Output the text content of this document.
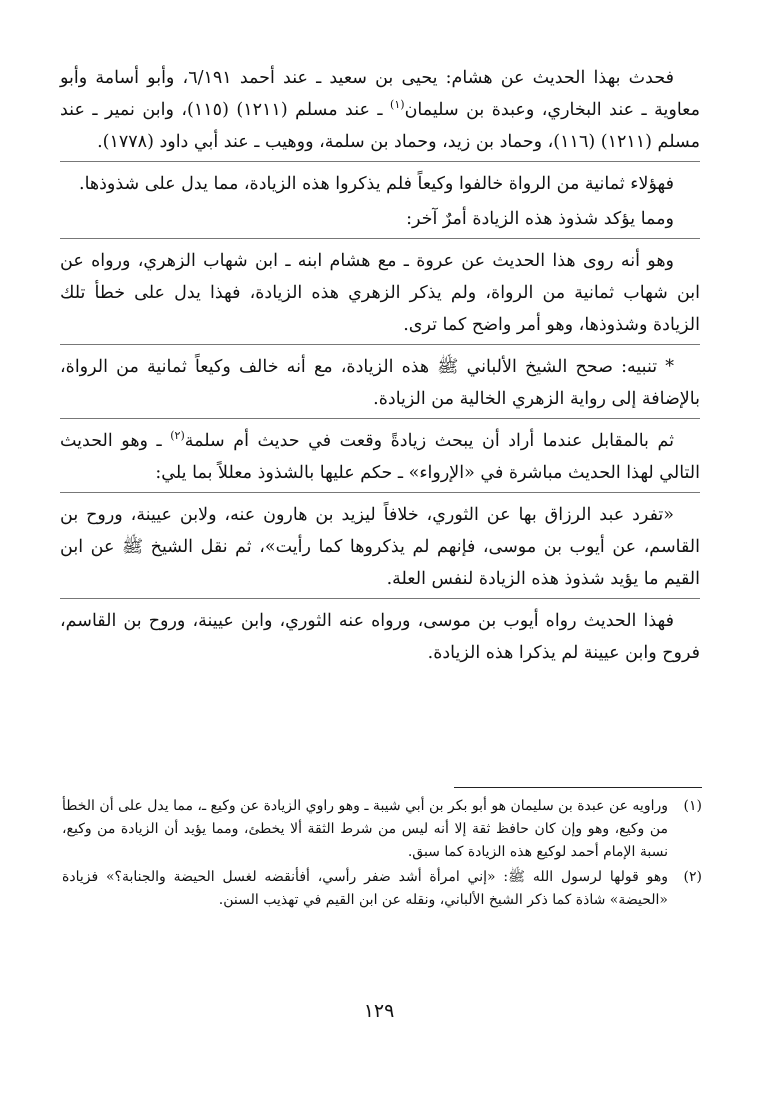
فحدث بهذا الحديث عن هشام: يحيى بن سعيد ـ عند أحمد ٦/١٩١، وأبو أسامة وأبو معاوية ـ عند البخاري، وعبدة بن سليمان$^{(١)}$ ـ عند مسلم (١٢١١) (١١٥)، وابن نمير ـ عند مسلم (١٢١١) (١١٦)، وحماد بن زيد، وحماد بن سلمة، ووهيب ـ عند أبي داود (١٧٧٨).

فهؤلاء ثمانية من الرواة خالفوا وكيعاً فلم يذكروا هذه الزيادة، مما يدل على شذوذها.

ومما يؤكد شذوذ هذه الزيادة أمرٌ آخر:

وهو أنه روى هذا الحديث عن عروة ـ مع هشام ابنه ـ ابن شهاب الزهري، ورواه عن ابن شهاب ثمانية من الرواة، ولم يذكر الزهري هذه الزيادة، فهذا يدل على خطأ تلك الزيادة وشذوذها، وهو أمر واضح كما ترى.

* تنبيه: صحح الشيخ الألباني ﷺ هذه الزيادة، مع أنه خالف وكيعاً ثمانية من الرواة، بالإضافة إلى رواية الزهري الخالية من الزيادة.

ثم بالمقابل عندما أراد أن يبحث زيادةً وقعت في حديث أم سلمة$^{(٢)}$ ـ وهو الحديث التالي لهذا الحديث مباشرة في «الإرواء» ـ حكم عليها بالشذوذ معللاً بما يلي:

«تفرد عبد الرزاق بها عن الثوري، خلافاً ليزيد بن هارون عنه، ولابن عيينة، وروح بن القاسم، عن أيوب بن موسى، فإنهم لم يذكروها كما رأيت»، ثم نقل الشيخ ﷺ عن ابن القيم ما يؤيد شذوذ هذه الزيادة لنفس العلة.

فهذا الحديث رواه أيوب بن موسى، ورواه عنه الثوري، وابن عيينة، وروح بن القاسم، فروح وابن عيينة لم يذكرا هذه الزيادة.

(١)
وراويه عن عبدة بن سليمان هو أبو بكر بن أبي شيبة ـ وهو راوي الزيادة عن وكيع ـ، مما يدل على أن الخطأ من وكيع، وهو وإن كان حافظ ثقة إلا أنه ليس من شرط الثقة ألا يخطئ، ومما يؤيد أن الزيادة من وكيع، نسبة الإمام أحمد لوكيع هذه الزيادة كما سبق.
(٢)
وهو قولها لرسول الله ﷺ: «إني امرأة أشد ضفر رأسي، أفأنقضه لغسل الحيضة والجنابة؟» فزيادة «الحيضة» شاذة كما ذكر الشيخ الألباني، ونقله عن ابن القيم في تهذيب السنن.
١٢٩
